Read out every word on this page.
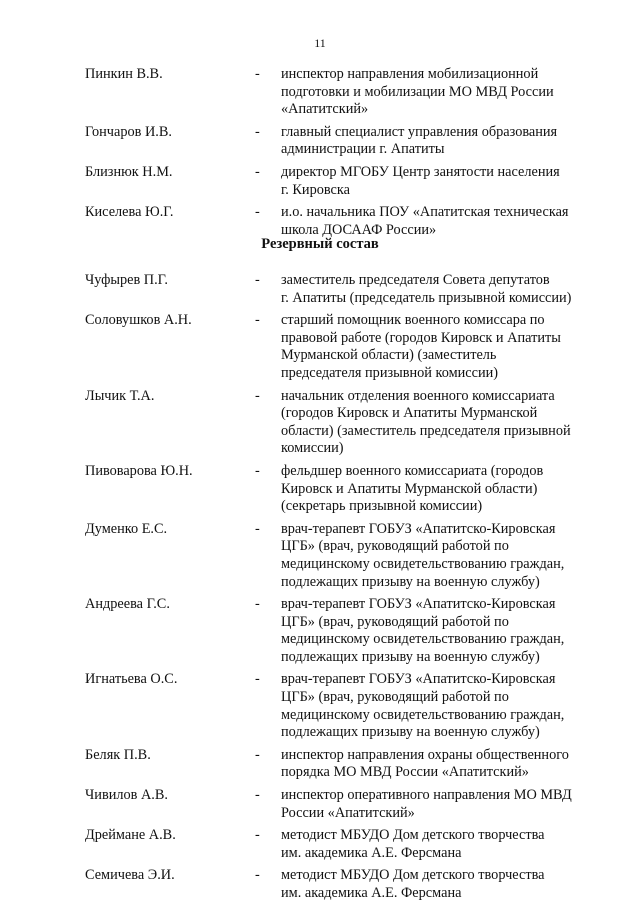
11
Пинкин В.В.	- инспектор направления мобилизационной
подготовки и мобилизации МО МВД России
«Апатитский»
Гончаров И.В.	- главный специалист управления образования
администрации г. Апатиты
Близнюк Н.М.	- директор МГОБУ Центр занятости населения
г. Кировска
Киселева Ю.Г.	- и.о. начальника ПОУ «Апатитская техническая
школа ДОСААФ России»
Резервный состав
Чуфырев П.Г.	- заместитель председателя Совета депутатов
г. Апатиты (председатель призывной комиссии)
Соловушков А.Н.	- старший помощник военного комиссара по
правовой работе (городов Кировск и Апатиты
Мурманской области) (заместитель
председателя призывной комиссии)
Лычик Т.А.	- начальник отделения военного комиссариата
(городов Кировск и Апатиты Мурманской
области) (заместитель председателя призывной
комиссии)
Пивоварова Ю.Н.	- фельдшер военного комиссариата (городов
Кировск и Апатиты Мурманской области)
(секретарь призывной комиссии)
Думенко Е.С.	- врач-терапевт ГОБУЗ «Апатитско-Кировская
ЦГБ» (врач, руководящий работой по
медицинскому освидетельствованию граждан,
подлежащих призыву на военную службу)
Андреева Г.С.	- врач-терапевт ГОБУЗ «Апатитско-Кировская
ЦГБ» (врач, руководящий работой по
медицинскому освидетельствованию граждан,
подлежащих призыву на военную службу)
Игнатьева О.С.	- врач-терапевт ГОБУЗ «Апатитско-Кировская
ЦГБ» (врач, руководящий работой по
медицинскому освидетельствованию граждан,
подлежащих призыву на военную службу)
Беляк П.В.	- инспектор направления охраны общественного
порядка МО МВД России «Апатитский»
Чивилов А.В.	- инспектор оперативного направления МО МВД
России «Апатитский»
Дреймане А.В.	- методист МБУДО Дом детского творчества
им. академика А.Е. Ферсмана
Семичева Э.И.	- методист МБУДО Дом детского творчества
им. академика А.Е. Ферсмана
